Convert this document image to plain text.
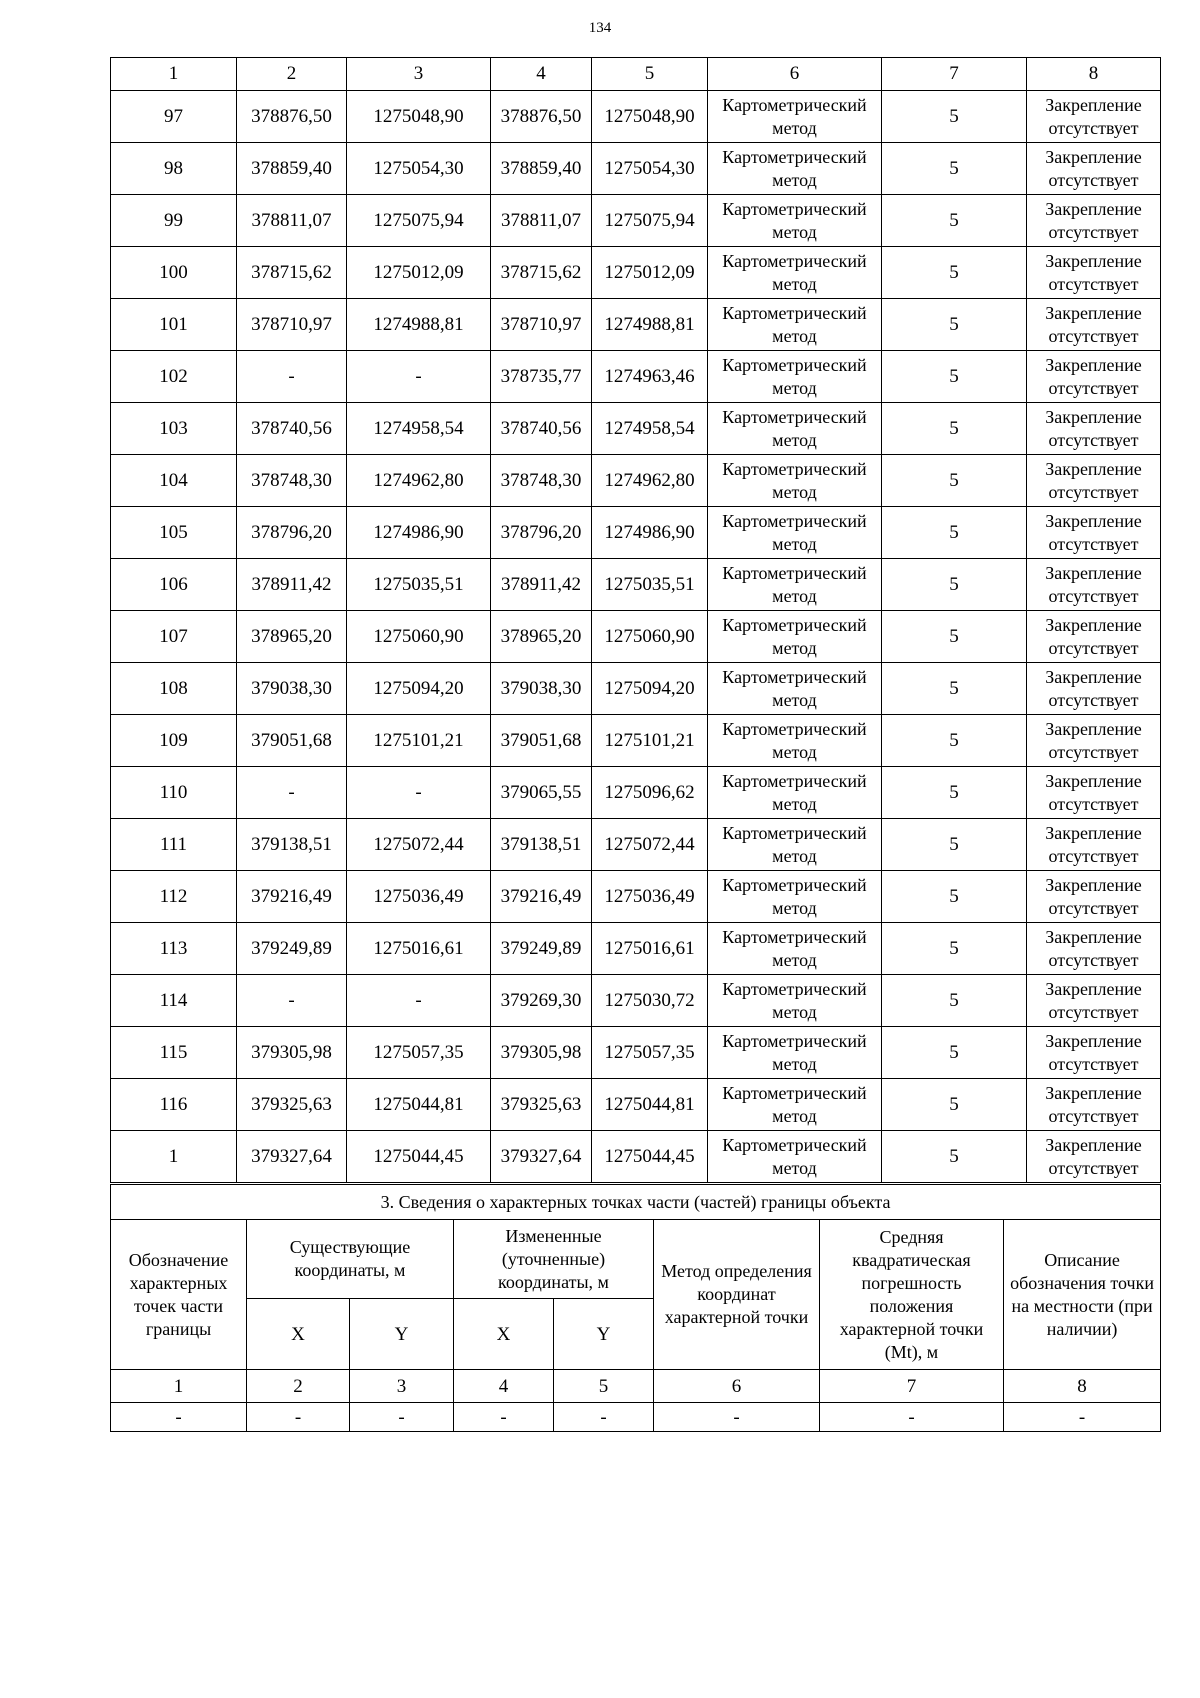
134
1	2	3	4	5	6	7	8
97	378876,50	1275048,90	378876,50	1275048,90	Картометрический метод	5	Закрепление отсутствует
98	378859,40	1275054,30	378859,40	1275054,30	Картометрический метод	5	Закрепление отсутствует
99	378811,07	1275075,94	378811,07	1275075,94	Картометрический метод	5	Закрепление отсутствует
100	378715,62	1275012,09	378715,62	1275012,09	Картометрический метод	5	Закрепление отсутствует
101	378710,97	1274988,81	378710,97	1274988,81	Картометрический метод	5	Закрепление отсутствует
102	-	-	378735,77	1274963,46	Картометрический метод	5	Закрепление отсутствует
103	378740,56	1274958,54	378740,56	1274958,54	Картометрический метод	5	Закрепление отсутствует
104	378748,30	1274962,80	378748,30	1274962,80	Картометрический метод	5	Закрепление отсутствует
105	378796,20	1274986,90	378796,20	1274986,90	Картометрический метод	5	Закрепление отсутствует
106	378911,42	1275035,51	378911,42	1275035,51	Картометрический метод	5	Закрепление отсутствует
107	378965,20	1275060,90	378965,20	1275060,90	Картометрический метод	5	Закрепление отсутствует
108	379038,30	1275094,20	379038,30	1275094,20	Картометрический метод	5	Закрепление отсутствует
109	379051,68	1275101,21	379051,68	1275101,21	Картометрический метод	5	Закрепление отсутствует
110	-	-	379065,55	1275096,62	Картометрический метод	5	Закрепление отсутствует
111	379138,51	1275072,44	379138,51	1275072,44	Картометрический метод	5	Закрепление отсутствует
112	379216,49	1275036,49	379216,49	1275036,49	Картометрический метод	5	Закрепление отсутствует
113	379249,89	1275016,61	379249,89	1275016,61	Картометрический метод	5	Закрепление отсутствует
114	-	-	379269,30	1275030,72	Картометрический метод	5	Закрепление отсутствует
115	379305,98	1275057,35	379305,98	1275057,35	Картометрический метод	5	Закрепление отсутствует
116	379325,63	1275044,81	379325,63	1275044,81	Картометрический метод	5	Закрепление отсутствует
1	379327,64	1275044,45	379327,64	1275044,45	Картометрический метод	5	Закрепление отсутствует
3. Сведения о характерных точках части (частей) границы объекта							
Обозначение характерных точек части границы	Существующие координаты, м		Измененные (уточненные) координаты, м		Метод определения координат характерной точки	Средняя квадратическая погрешность положения характерной точки (Mt), м	Описание обозначения точки на местности (при наличии)
	X	Y	X	Y			
1	2	3	4	5	6	7	8
-	-	-	-	-	-	-	-
